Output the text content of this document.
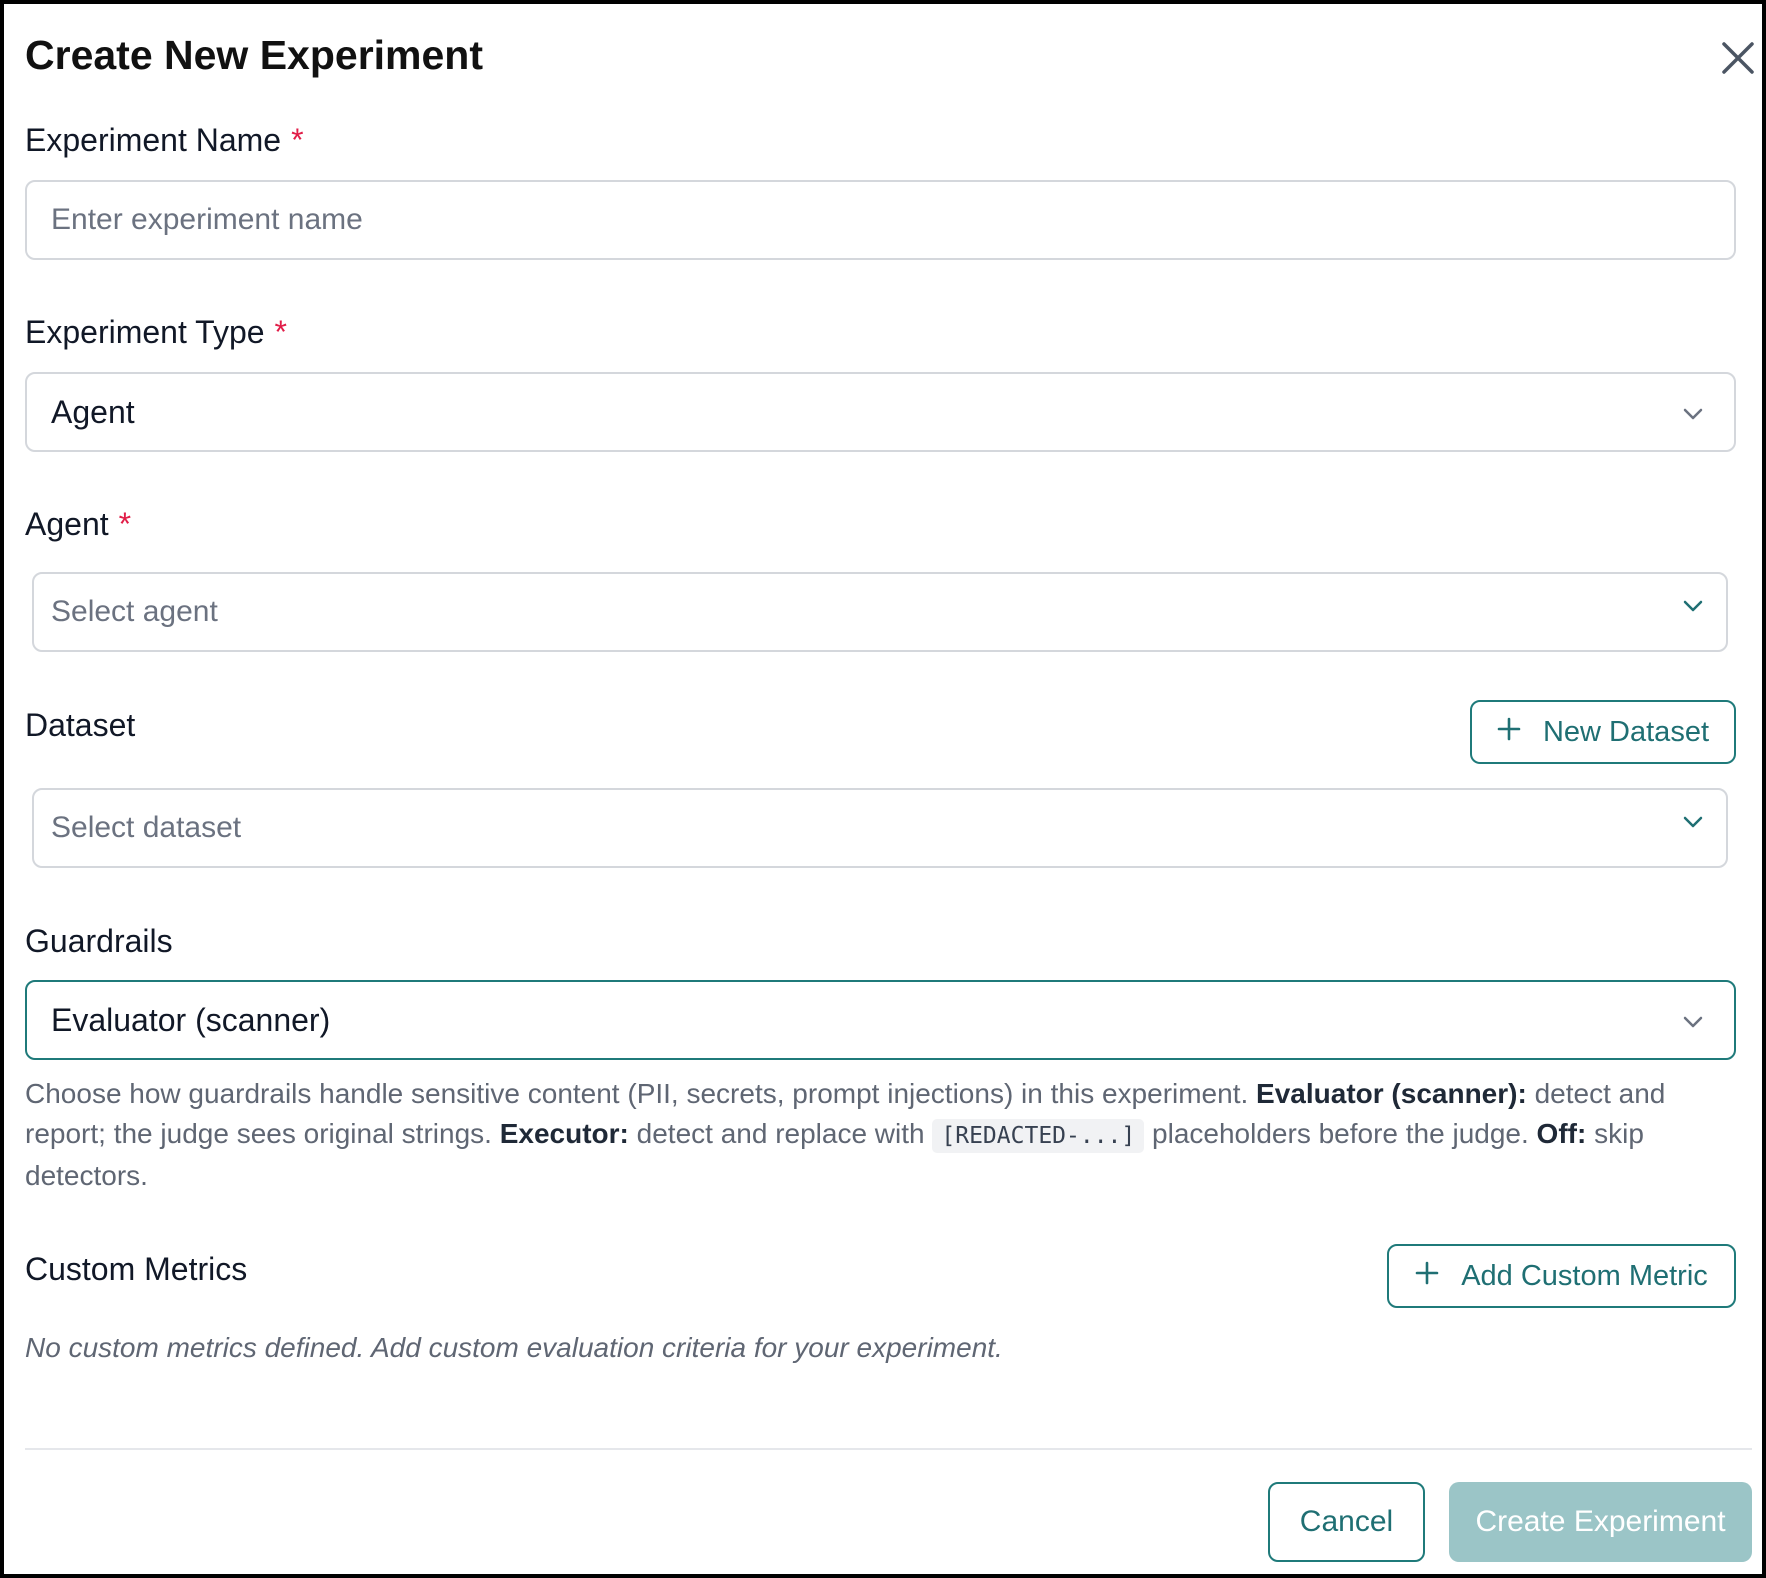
Create New Experiment
Experiment Name *
Enter experiment name
Experiment Type *
Agent
Agent *
Select agent
Dataset	New Dataset
Select dataset
Guardrails
Evaluator (scanner)
Choose how guardrails handle sensitive content (PII, secrets, prompt injections) in this experiment. Evaluator (scanner): detect and report; the judge sees original strings. Executor: detect and replace with [REDACTED-...] placeholders before the judge. Off: skip detectors.
Custom Metrics	Add Custom Metric
No custom metrics defined. Add custom evaluation criteria for your experiment.
Cancel	Create Experiment
